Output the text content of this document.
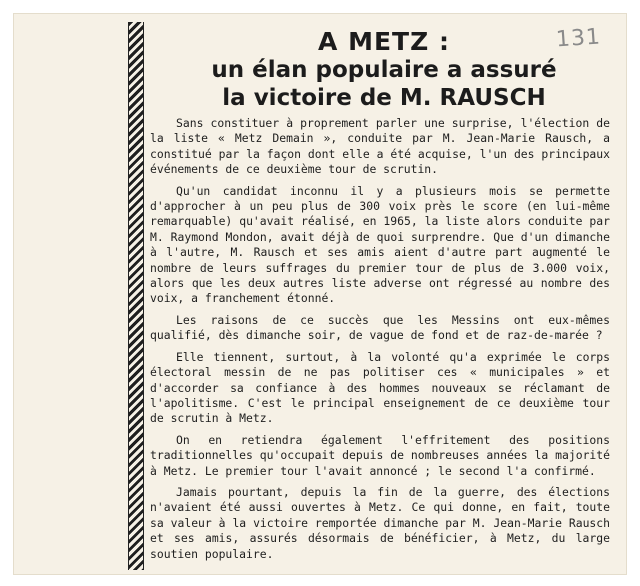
131
A METZ :
un élan populaire a assuré
la victoire de M. RAUSCH

Sans constituer à proprement parler une surprise, l'élection de la liste « Metz Demain », conduite par M. Jean-Marie Rausch, a constitué par la façon dont elle a été acquise, l'un des principaux événements de ce deuxième tour de scrutin.

Qu'un candidat inconnu il y a plusieurs mois se permette d'approcher à un peu plus de 300 voix près le score (en lui-même remarquable) qu'avait réalisé, en 1965, la liste alors conduite par M. Raymond Mondon, avait déjà de quoi surprendre. Que d'un dimanche à l'autre, M. Rausch et ses amis aient d'autre part augmenté le nombre de leurs suffrages du premier tour de plus de 3.000 voix, alors que les deux autres liste adverse ont régressé au nombre des voix, a franchement étonné.

Les raisons de ce succès que les Messins ont eux-mêmes qualifié, dès dimanche soir, de vague de fond et de raz-de-marée ?

Elle tiennent, surtout, à la volonté qu'a exprimée le corps électoral messin de ne pas politiser ces « municipales » et d'accorder sa confiance à des hommes nouveaux se réclamant de l'apolitisme. C'est le principal enseignement de ce deuxième tour de scrutin à Metz.

On en retiendra également l'effritement des positions traditionnelles qu'occupait depuis de nombreuses années la majorité à Metz. Le premier tour l'avait annoncé ; le second l'a confirmé.

Jamais pourtant, depuis la fin de la guerre, des élections n'avaient été aussi ouvertes à Metz. Ce qui donne, en fait, toute sa valeur à la victoire remportée dimanche par M. Jean-Marie Rausch et ses amis, assurés désormais de bénéficier, à Metz, du large soutien populaire.
